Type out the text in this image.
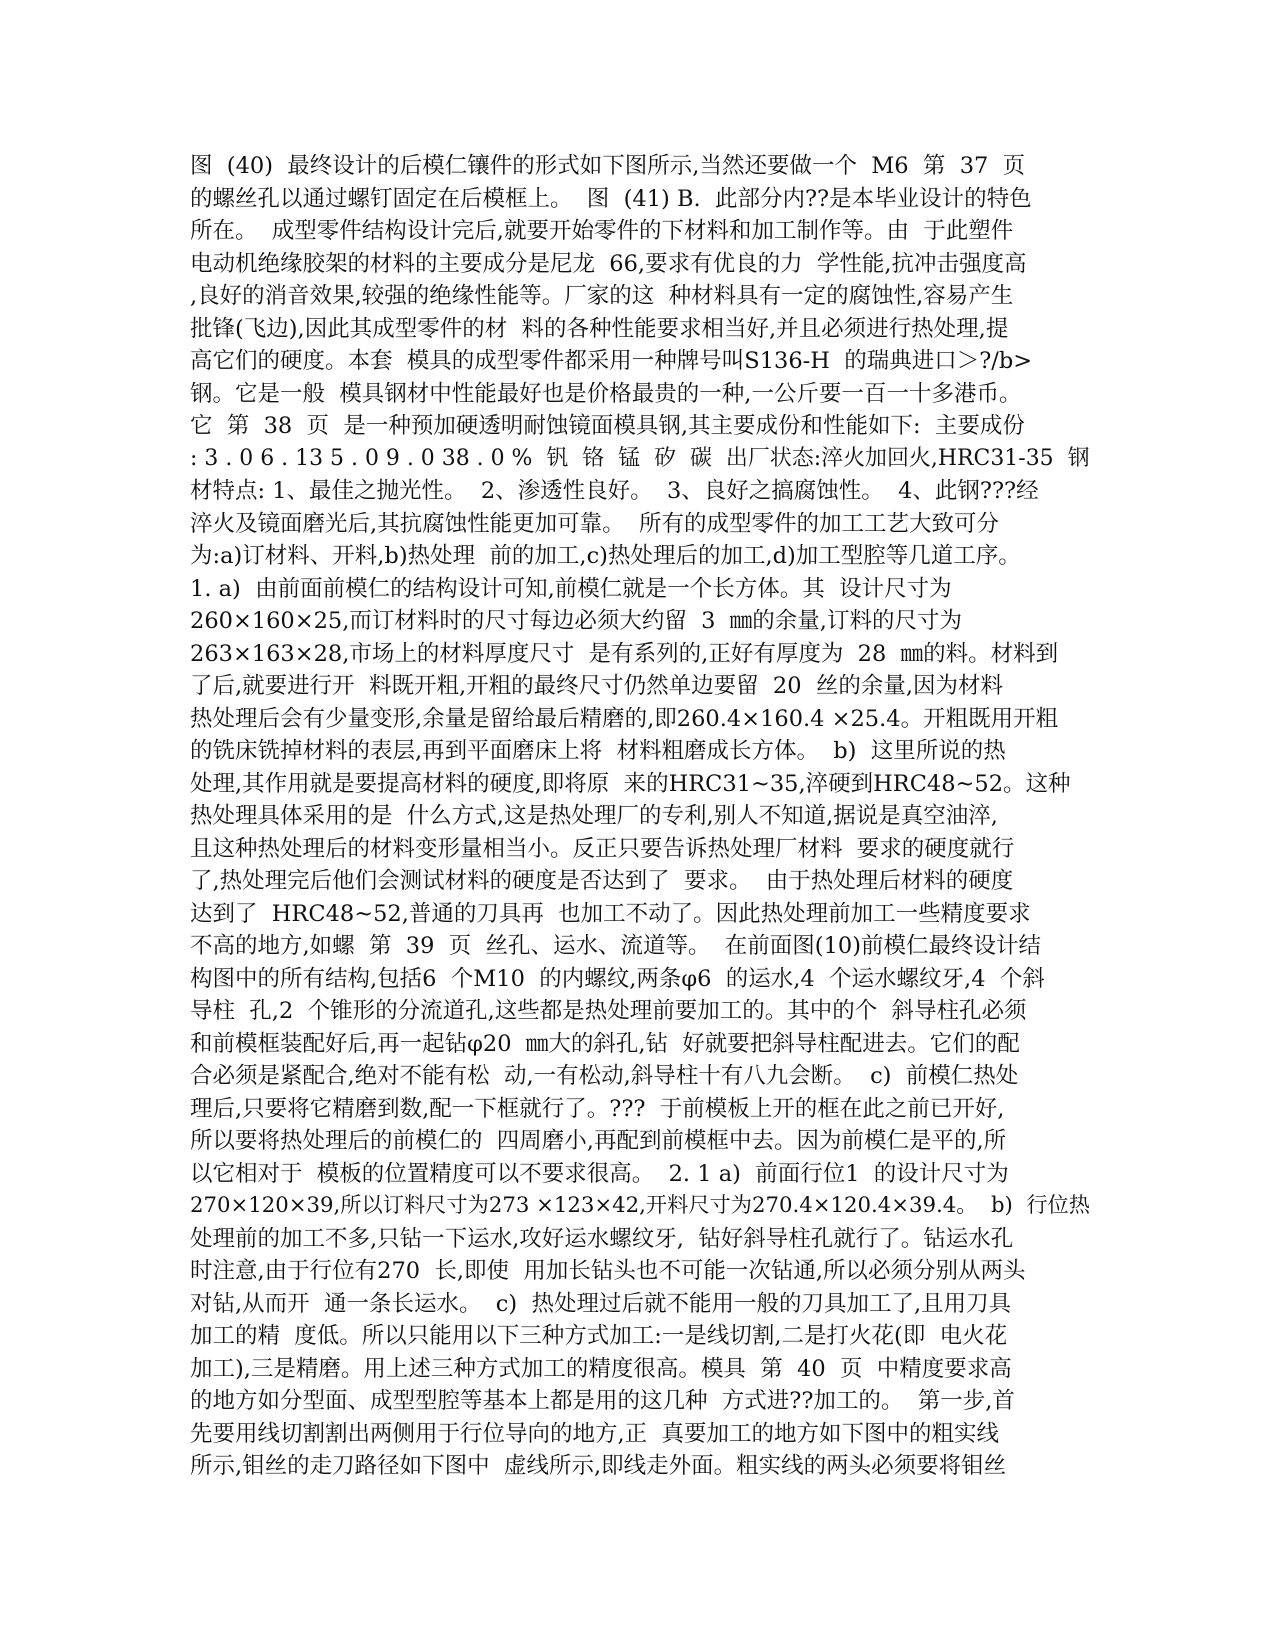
图  (40)  最终设计的后模仁镶件的形式如下图所示,当然还要做一个  M6  第  37  页
的螺丝孔以通过螺钉固定在后模框上。  图  (41) B.  此部分内??是本毕业设计的特色
所在。  成型零件结构设计完后,就要开始零件的下材料和加工制作等。由  于此塑件
电动机绝缘胶架的材料的主要成分是尼龙  66,要求有优良的力  学性能,抗冲击强度高
,良好的消音效果,较强的绝缘性能等。厂家的这  种材料具有一定的腐蚀性,容易产生
批锋(飞边),因此其成型零件的材  料的各种性能要求相当好,并且必须进行热处理,提
高它们的硬度。本套  模具的成型零件都采用一种牌号叫S136-H  的瑞典进口＞?/b>
钢。它是一般  模具钢材中性能最好也是价格最贵的一种,一公斤要一百一十多港币。
它  第  38  页  是一种预加硬透明耐蚀镜面模具钢,其主要成份和性能如下:  主要成份
: 3 . 0 6 . 13 5 . 0 9 . 0 38 . 0 %  钒  铬  锰  矽  碳  出厂状态:淬火加回火,HRC31-35  钢
材特点: 1、最佳之抛光性。  2、渗透性良好。  3、良好之搞腐蚀性。  4、此钢???经
淬火及镜面磨光后,其抗腐蚀性能更加可靠。  所有的成型零件的加工工艺大致可分
为:a)订材料、开料,b)热处理  前的加工,c)热处理后的加工,d)加工型腔等几道工序。
1. a)  由前面前模仁的结构设计可知,前模仁就是一个长方体。其  设计尺寸为
260×160×25,而订材料时的尺寸每边必须大约留  3  ㎜的余量,订料的尺寸为
263×163×28,市场上的材料厚度尺寸  是有系列的,正好有厚度为  28  ㎜的料。材料到
了后,就要进行开  料既开粗,开粗的最终尺寸仍然单边要留  20  丝的余量,因为材料
热处理后会有少量变形,余量是留给最后精磨的,即260.4×160.4 ×25.4。开粗既用开粗
的铣床铣掉材料的表层,再到平面磨床上将  材料粗磨成长方体。  b)  这里所说的热
处理,其作用就是要提高材料的硬度,即将原  来的HRC31~35,淬硬到HRC48~52。这种
热处理具体采用的是  什么方式,这是热处理厂的专利,别人不知道,据说是真空油淬,
且这种热处理后的材料变形量相当小。反正只要告诉热处理厂材料  要求的硬度就行
了,热处理完后他们会测试材料的硬度是否达到了  要求。  由于热处理后材料的硬度
达到了  HRC48~52,普通的刀具再  也加工不动了。因此热处理前加工一些精度要求
不高的地方,如螺  第  39  页  丝孔、运水、流道等。  在前面图(10)前模仁最终设计结
构图中的所有结构,包括6  个M10  的内螺纹,两条φ6  的运水,4  个运水螺纹牙,4  个斜
导柱  孔,2  个锥形的分流道孔,这些都是热处理前要加工的。其中的个  斜导柱孔必须
和前模框装配好后,再一起钻φ20  ㎜大的斜孔,钻  好就要把斜导柱配进去。它们的配
合必须是紧配合,绝对不能有松  动,一有松动,斜导柱十有八九会断。  c)  前模仁热处
理后,只要将它精磨到数,配一下框就行了。???  于前模板上开的框在此之前已开好,
所以要将热处理后的前模仁的  四周磨小,再配到前模框中去。因为前模仁是平的,所
以它相对于  模板的位置精度可以不要求很高。  2. 1 a)  前面行位1  的设计尺寸为
270×120×39,所以订料尺寸为273 ×123×42,开料尺寸为270.4×120.4×39.4。  b)  行位热
处理前的加工不多,只钻一下运水,攻好运水螺纹牙,  钻好斜导柱孔就行了。钻运水孔
时注意,由于行位有270  长,即使  用加长钻头也不可能一次钻通,所以必须分别从两头
对钻,从而开  通一条长运水。  c)  热处理过后就不能用一般的刀具加工了,且用刀具
加工的精  度低。所以只能用以下三种方式加工:一是线切割,二是打火花(即  电火花
加工),三是精磨。用上述三种方式加工的精度很高。模具  第  40  页  中精度要求高
的地方如分型面、成型型腔等基本上都是用的这几种  方式进??加工的。  第一步,首
先要用线切割割出两侧用于行位导向的地方,正  真要加工的地方如下图中的粗实线
所示,钼丝的走刀路径如下图中  虚线所示,即线走外面。粗实线的两头必须要将钼丝
